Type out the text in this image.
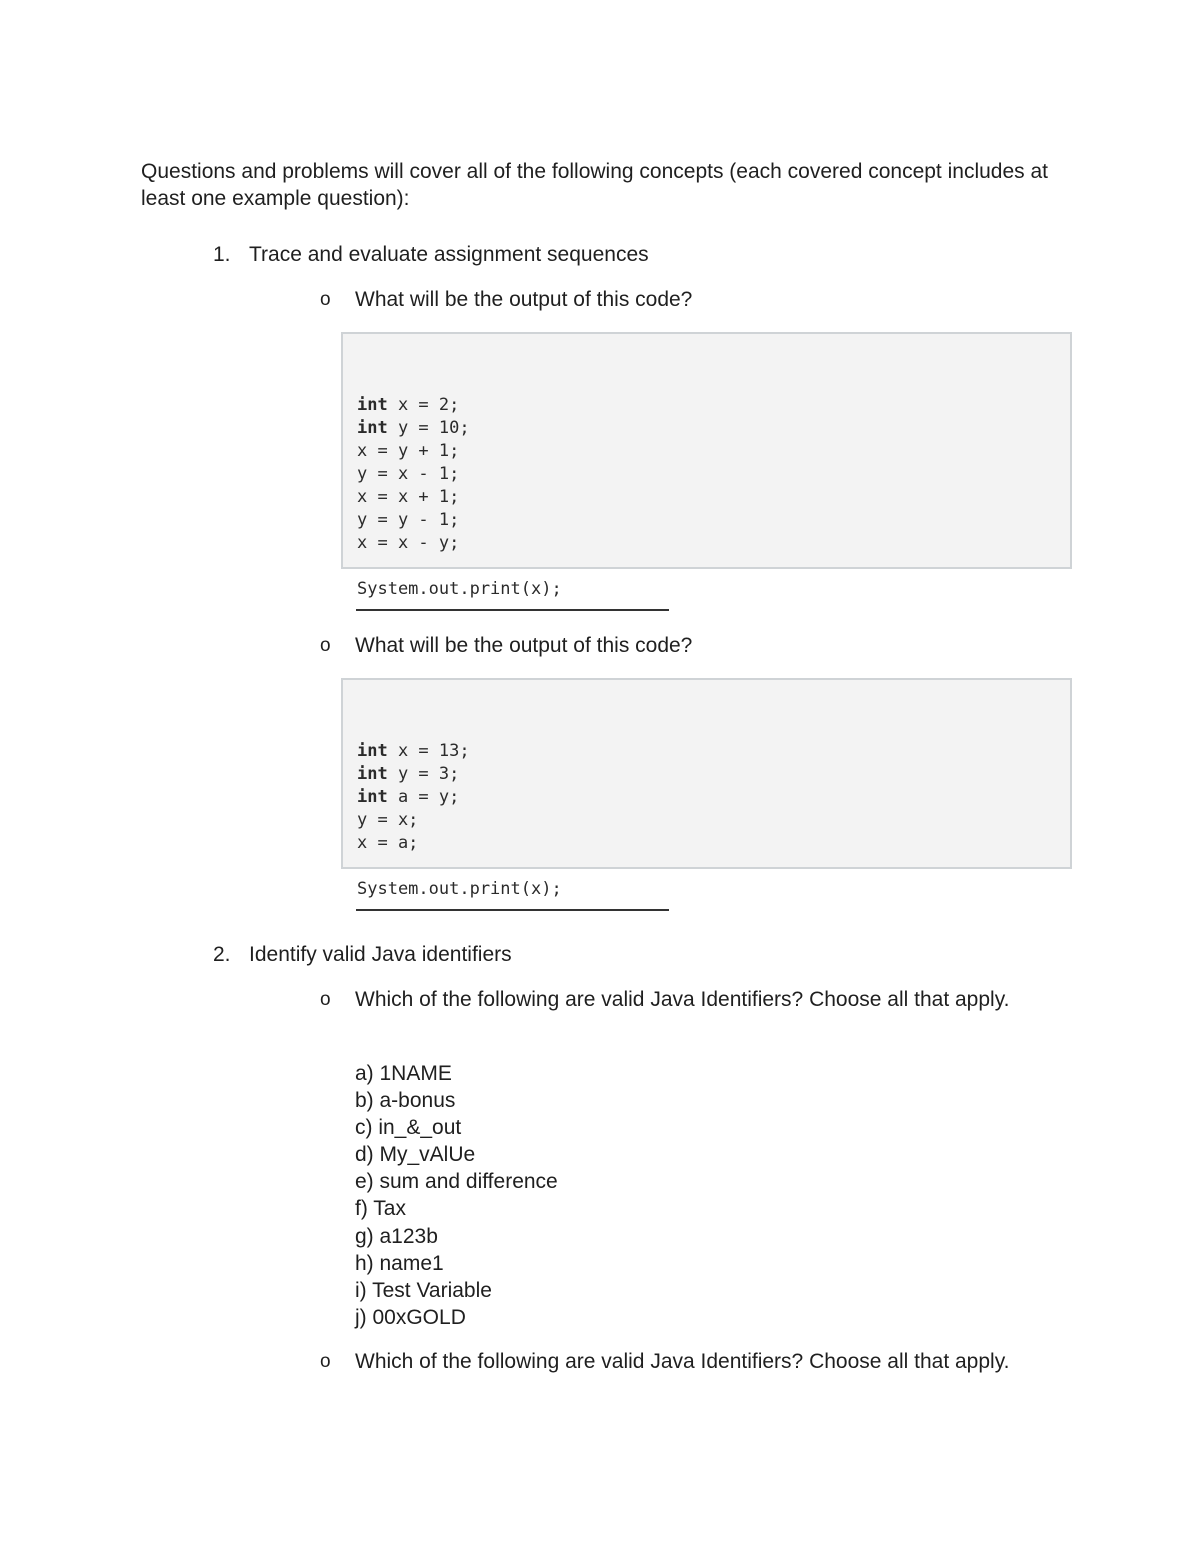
Questions and problems will cover all of the following concepts (each covered concept includes at least one example question):

1. Trace and evaluate assignment sequences
o What will be the output of this code?

int x = 2;
int y = 10;
x = y + 1;
y = x - 1;
x = x + 1;
y = y - 1;
x = x - y;
System.out.print(x);

o What will be the output of this code?

int x = 13;
int y = 3;
int a = y;
y = x;
x = a;
System.out.print(x);

2. Identify valid Java identifiers
o Which of the following are valid Java Identifiers? Choose all that apply.
a) 1NAME
b) a-bonus
c) in_&_out
d) My_vAlUe
e) sum and difference
f) Tax
g) a123b
h) name1
i) Test Variable
j) 00xGOLD
o Which of the following are valid Java Identifiers? Choose all that apply.
